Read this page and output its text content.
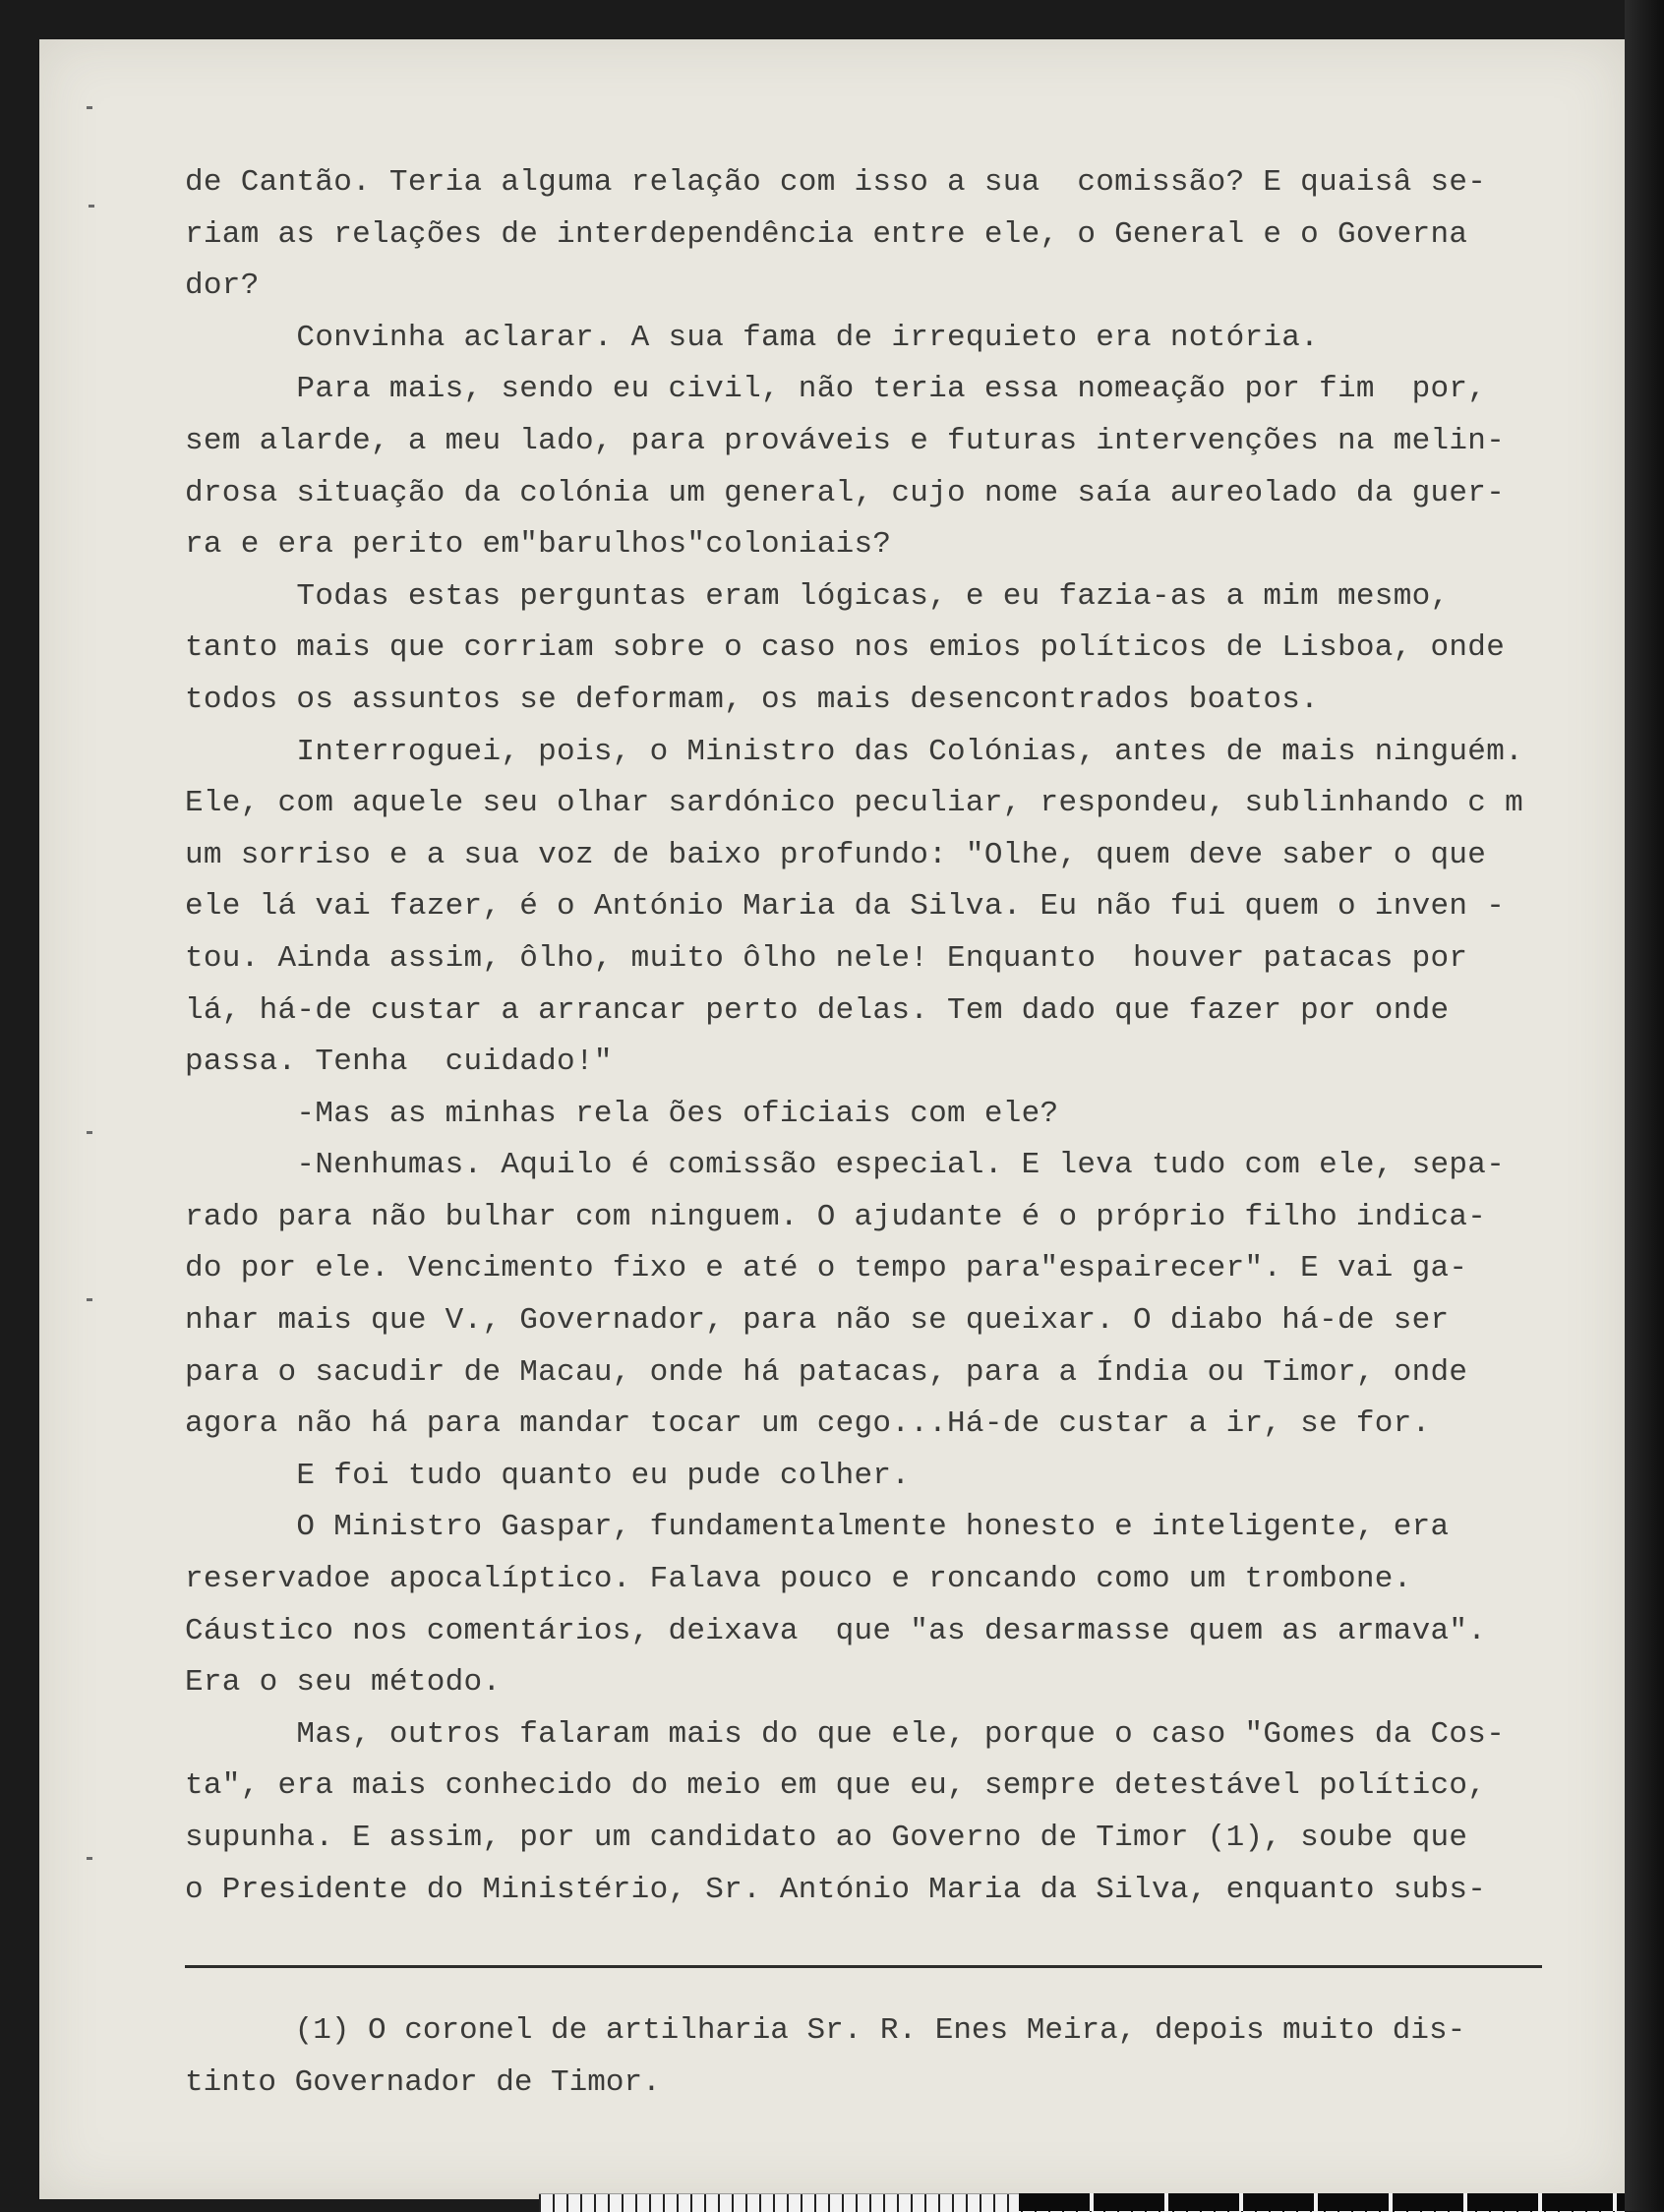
de Cantão. Teria alguma relação com isso a sua  comissão? E quaisâ se-
riam as relações de interdependência entre ele, o General e o Governa
dor?
Convinha aclarar. A sua fama de irrequieto era notória.
Para mais, sendo eu civil, não teria essa nomeação por fim  por,
sem alarde, a meu lado, para prováveis e futuras intervenções na melin-
drosa situação da colónia um general, cujo nome saía aureolado da guer-
ra e era perito em"barulhos"coloniais?
Todas estas perguntas eram lógicas, e eu fazia-as a mim mesmo,
tanto mais que corriam sobre o caso nos emios políticos de Lisboa, onde
todos os assuntos se deformam, os mais desencontrados boatos.
Interroguei, pois, o Ministro das Colónias, antes de mais ninguém.
Ele, com aquele seu olhar sardónico peculiar, respondeu, sublinhando c m
um sorriso e a sua voz de baixo profundo: "Olhe, quem deve saber o que
ele lá vai fazer, é o António Maria da Silva. Eu não fui quem o inven -
tou. Ainda assim, ôlho, muito ôlho nele! Enquanto  houver patacas por
lá, há-de custar a arrancar perto delas. Tem dado que fazer por onde
passa. Tenha  cuidado!"
-Mas as minhas rela ões oficiais com ele?
-Nenhumas. Aquilo é comissão especial. E leva tudo com ele, sepa-
rado para não bulhar com ninguem. O ajudante é o próprio filho indica-
do por ele. Vencimento fixo e até o tempo para"espairecer". E vai ga-
nhar mais que V., Governador, para não se queixar. O diabo há-de ser
para o sacudir de Macau, onde há patacas, para a Índia ou Timor, onde
agora não há para mandar tocar um cego...Há-de custar a ir, se for.
E foi tudo quanto eu pude colher.
O Ministro Gaspar, fundamentalmente honesto e inteligente, era
reservadoe apocalíptico. Falava pouco e roncando como um trombone.
Cáustico nos comentários, deixava  que "as desarmasse quem as armava".
Era o seu método.
Mas, outros falaram mais do que ele, porque o caso "Gomes da Cos-
ta", era mais conhecido do meio em que eu, sempre detestável político,
supunha. E assim, por um candidato ao Governo de Timor (1), soube que
o Presidente do Ministério, Sr. António Maria da Silva, enquanto subs-
(1) O coronel de artilharia Sr. R. Enes Meira, depois muito dis-
tinto Governador de Timor.
